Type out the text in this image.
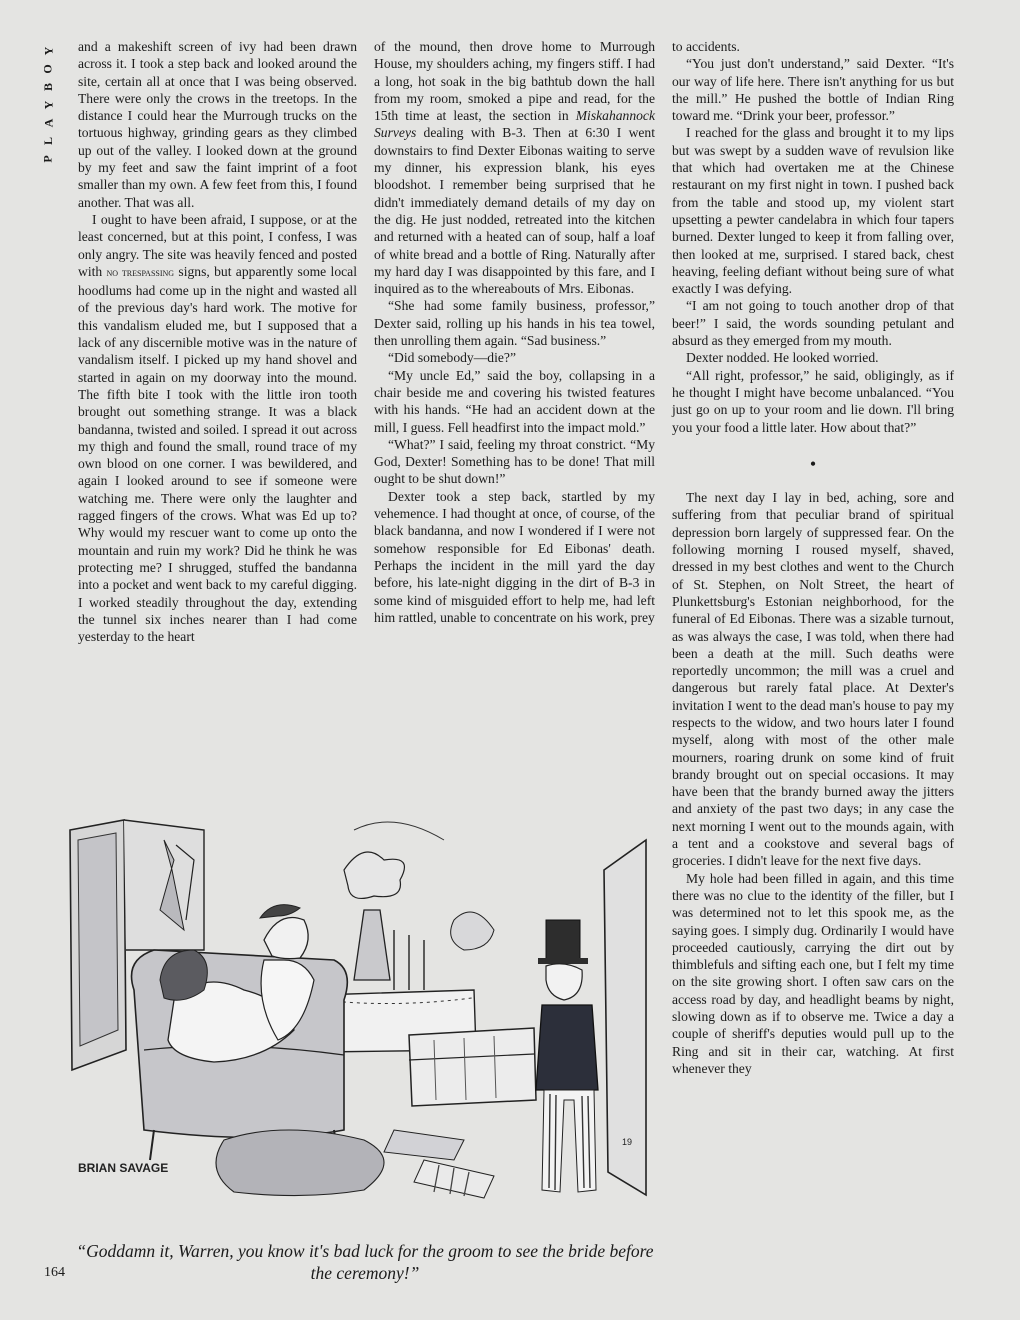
Y
O
B
Y
A
L
P

and a makeshift screen of ivy had been drawn across it. I took a step back and looked around the site, certain all at once that I was being observed. There were only the crows in the treetops. In the distance I could hear the Murrough trucks on the tortuous highway, grinding gears as they climbed up out of the valley. I looked down at the ground by my feet and saw the faint imprint of a foot smaller than my own. A few feet from this, I found another. That was all.

I ought to have been afraid, I suppose, or at the least concerned, but at this point, I confess, I was only angry. The site was heavily fenced and posted with no trespassing signs, but apparently some local hoodlums had come up in the night and wasted all of the previous day's hard work. The motive for this vandalism eluded me, but I supposed that a lack of any discernible motive was in the nature of vandalism itself. I picked up my hand shovel and started in again on my doorway into the mound. The fifth bite I took with the little iron tooth brought out something strange. It was a black bandanna, twisted and soiled. I spread it out across my thigh and found the small, round trace of my own blood on one corner. I was bewildered, and again I looked around to see if someone were watching me. There were only the laughter and ragged fingers of the crows. What was Ed up to? Why would my rescuer want to come up onto the mountain and ruin my work? Did he think he was protecting me? I shrugged, stuffed the bandanna into a pocket and went back to my careful digging. I worked steadily throughout the day, extending the tunnel six inches nearer than I had come yesterday to the heart

of the mound, then drove home to Murrough House, my shoulders aching, my fingers stiff. I had a long, hot soak in the big bathtub down the hall from my room, smoked a pipe and read, for the 15th time at least, the section in Miskahannock Surveys dealing with B-3. Then at 6:30 I went downstairs to find Dexter Eibonas waiting to serve my dinner, his expression blank, his eyes bloodshot. I remember being surprised that he didn't immediately demand details of my day on the dig. He just nodded, retreated into the kitchen and returned with a heated can of soup, half a loaf of white bread and a bottle of Ring. Naturally after my hard day I was disappointed by this fare, and I inquired as to the whereabouts of Mrs. Eibonas.

“She had some family business, professor,” Dexter said, rolling up his hands in his tea towel, then unrolling them again. “Sad business.”

“Did somebody—die?”

“My uncle Ed,” said the boy, collapsing in a chair beside me and covering his twisted features with his hands. “He had an accident down at the mill, I guess. Fell headfirst into the impact mold.”

“What?” I said, feeling my throat constrict. “My God, Dexter! Something has to be done! That mill ought to be shut down!”

Dexter took a step back, startled by my vehemence. I had thought at once, of course, of the black bandanna, and now I wondered if I were not somehow responsible for Ed Eibonas' death. Perhaps the incident in the mill yard the day before, his late-night digging in the dirt of B-3 in some kind of misguided effort to help me, had left him rattled, unable to concentrate on his work, prey

to accidents.

“You just don't understand,” said Dexter. “It's our way of life here. There isn't anything for us but the mill.” He pushed the bottle of Indian Ring toward me. “Drink your beer, professor.”

I reached for the glass and brought it to my lips but was swept by a sudden wave of revulsion like that which had overtaken me at the Chinese restaurant on my first night in town. I pushed back from the table and stood up, my violent start upsetting a pewter candelabra in which four tapers burned. Dexter lunged to keep it from falling over, then looked at me, surprised. I stared back, chest heaving, feeling defiant without being sure of what exactly I was defying.

“I am not going to touch another drop of that beer!” I said, the words sounding petulant and absurd as they emerged from my mouth.

Dexter nodded. He looked worried.

“All right, professor,” he said, obligingly, as if he thought I might have become unbalanced. “You just go on up to your room and lie down. I'll bring you your food a little later. How about that?”

•

The next day I lay in bed, aching, sore and suffering from that peculiar brand of spiritual depression born largely of suppressed fear. On the following morning I roused myself, shaved, dressed in my best clothes and went to the Church of St. Stephen, on Nolt Street, the heart of Plunkettsburg's Estonian neighborhood, for the funeral of Ed Eibonas. There was a sizable turnout, as was always the case, I was told, when there had been a death at the mill. Such deaths were reportedly uncommon; the mill was a cruel and dangerous but rarely fatal place. At Dexter's invitation I went to the dead man's house to pay my respects to the widow, and two hours later I found myself, along with most of the other male mourners, roaring drunk on some kind of fruit brandy brought out on special occasions. It may have been that the brandy burned away the jitters and anxiety of the past two days; in any case the next morning I went out to the mounds again, with a tent and a cookstove and several bags of groceries. I didn't leave for the next five days.

My hole had been filled in again, and this time there was no clue to the identity of the filler, but I was determined not to let this spook me, as the saying goes. I simply dug. Ordinarily I would have proceeded cautiously, carrying the dirt out by thimblefuls and sifting each one, but I felt my time on the site growing short. I often saw cars on the access road by day, and headlight beams by night, slowing down as if to observe me. Twice a day a couple of sheriff's deputies would pull up to the Ring and sit in their car, watching. At first whenever they

19
BRIAN SAVAGE
“Goddamn it, Warren, you know it's bad luck for the groom to see the bride before the ceremony!”
164
